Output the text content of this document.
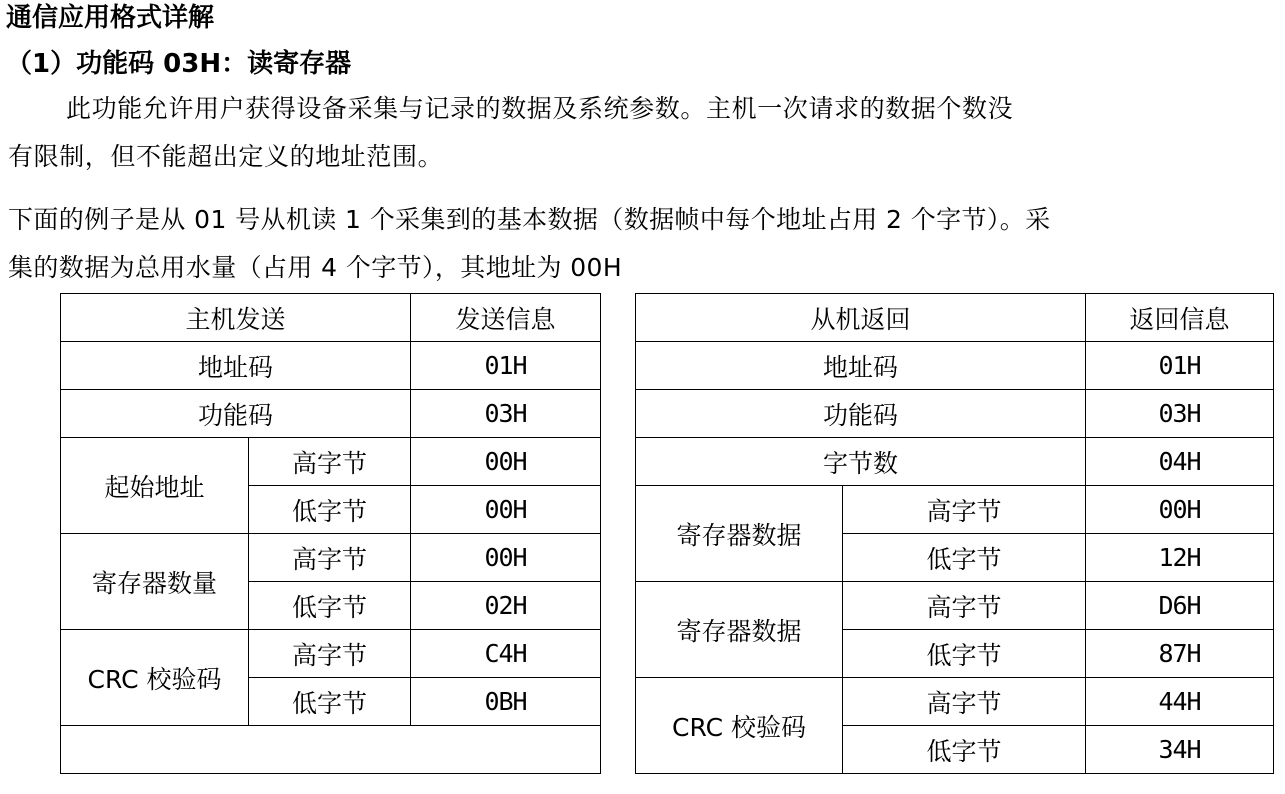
通信应用格式详解
（1）功能码 03H：读寄存器
此功能允许用户获得设备采集与记录的数据及系统参数。主机一次请求的数据个数没
有限制，但不能超出定义的地址范围。
下面的例子是从 01 号从机读 1 个采集到的基本数据（数据帧中每个地址占用 2 个字节）。采
集的数据为总用水量（占用 4 个字节），其地址为 00H
主机发送		发送信息
地址码		01H
功能码		03H
起始地址	高字节	00H
	低字节	00H
寄存器数量	高字节	00H
	低字节	02H
CRC 校验码	高字节	C4H
	低字节	0BH

从机返回		返回信息
地址码		01H
功能码		03H
字节数		04H
寄存器数据	高字节	00H
	低字节	12H
寄存器数据	高字节	D6H
	低字节	87H
CRC 校验码	高字节	44H
	低字节	34H
